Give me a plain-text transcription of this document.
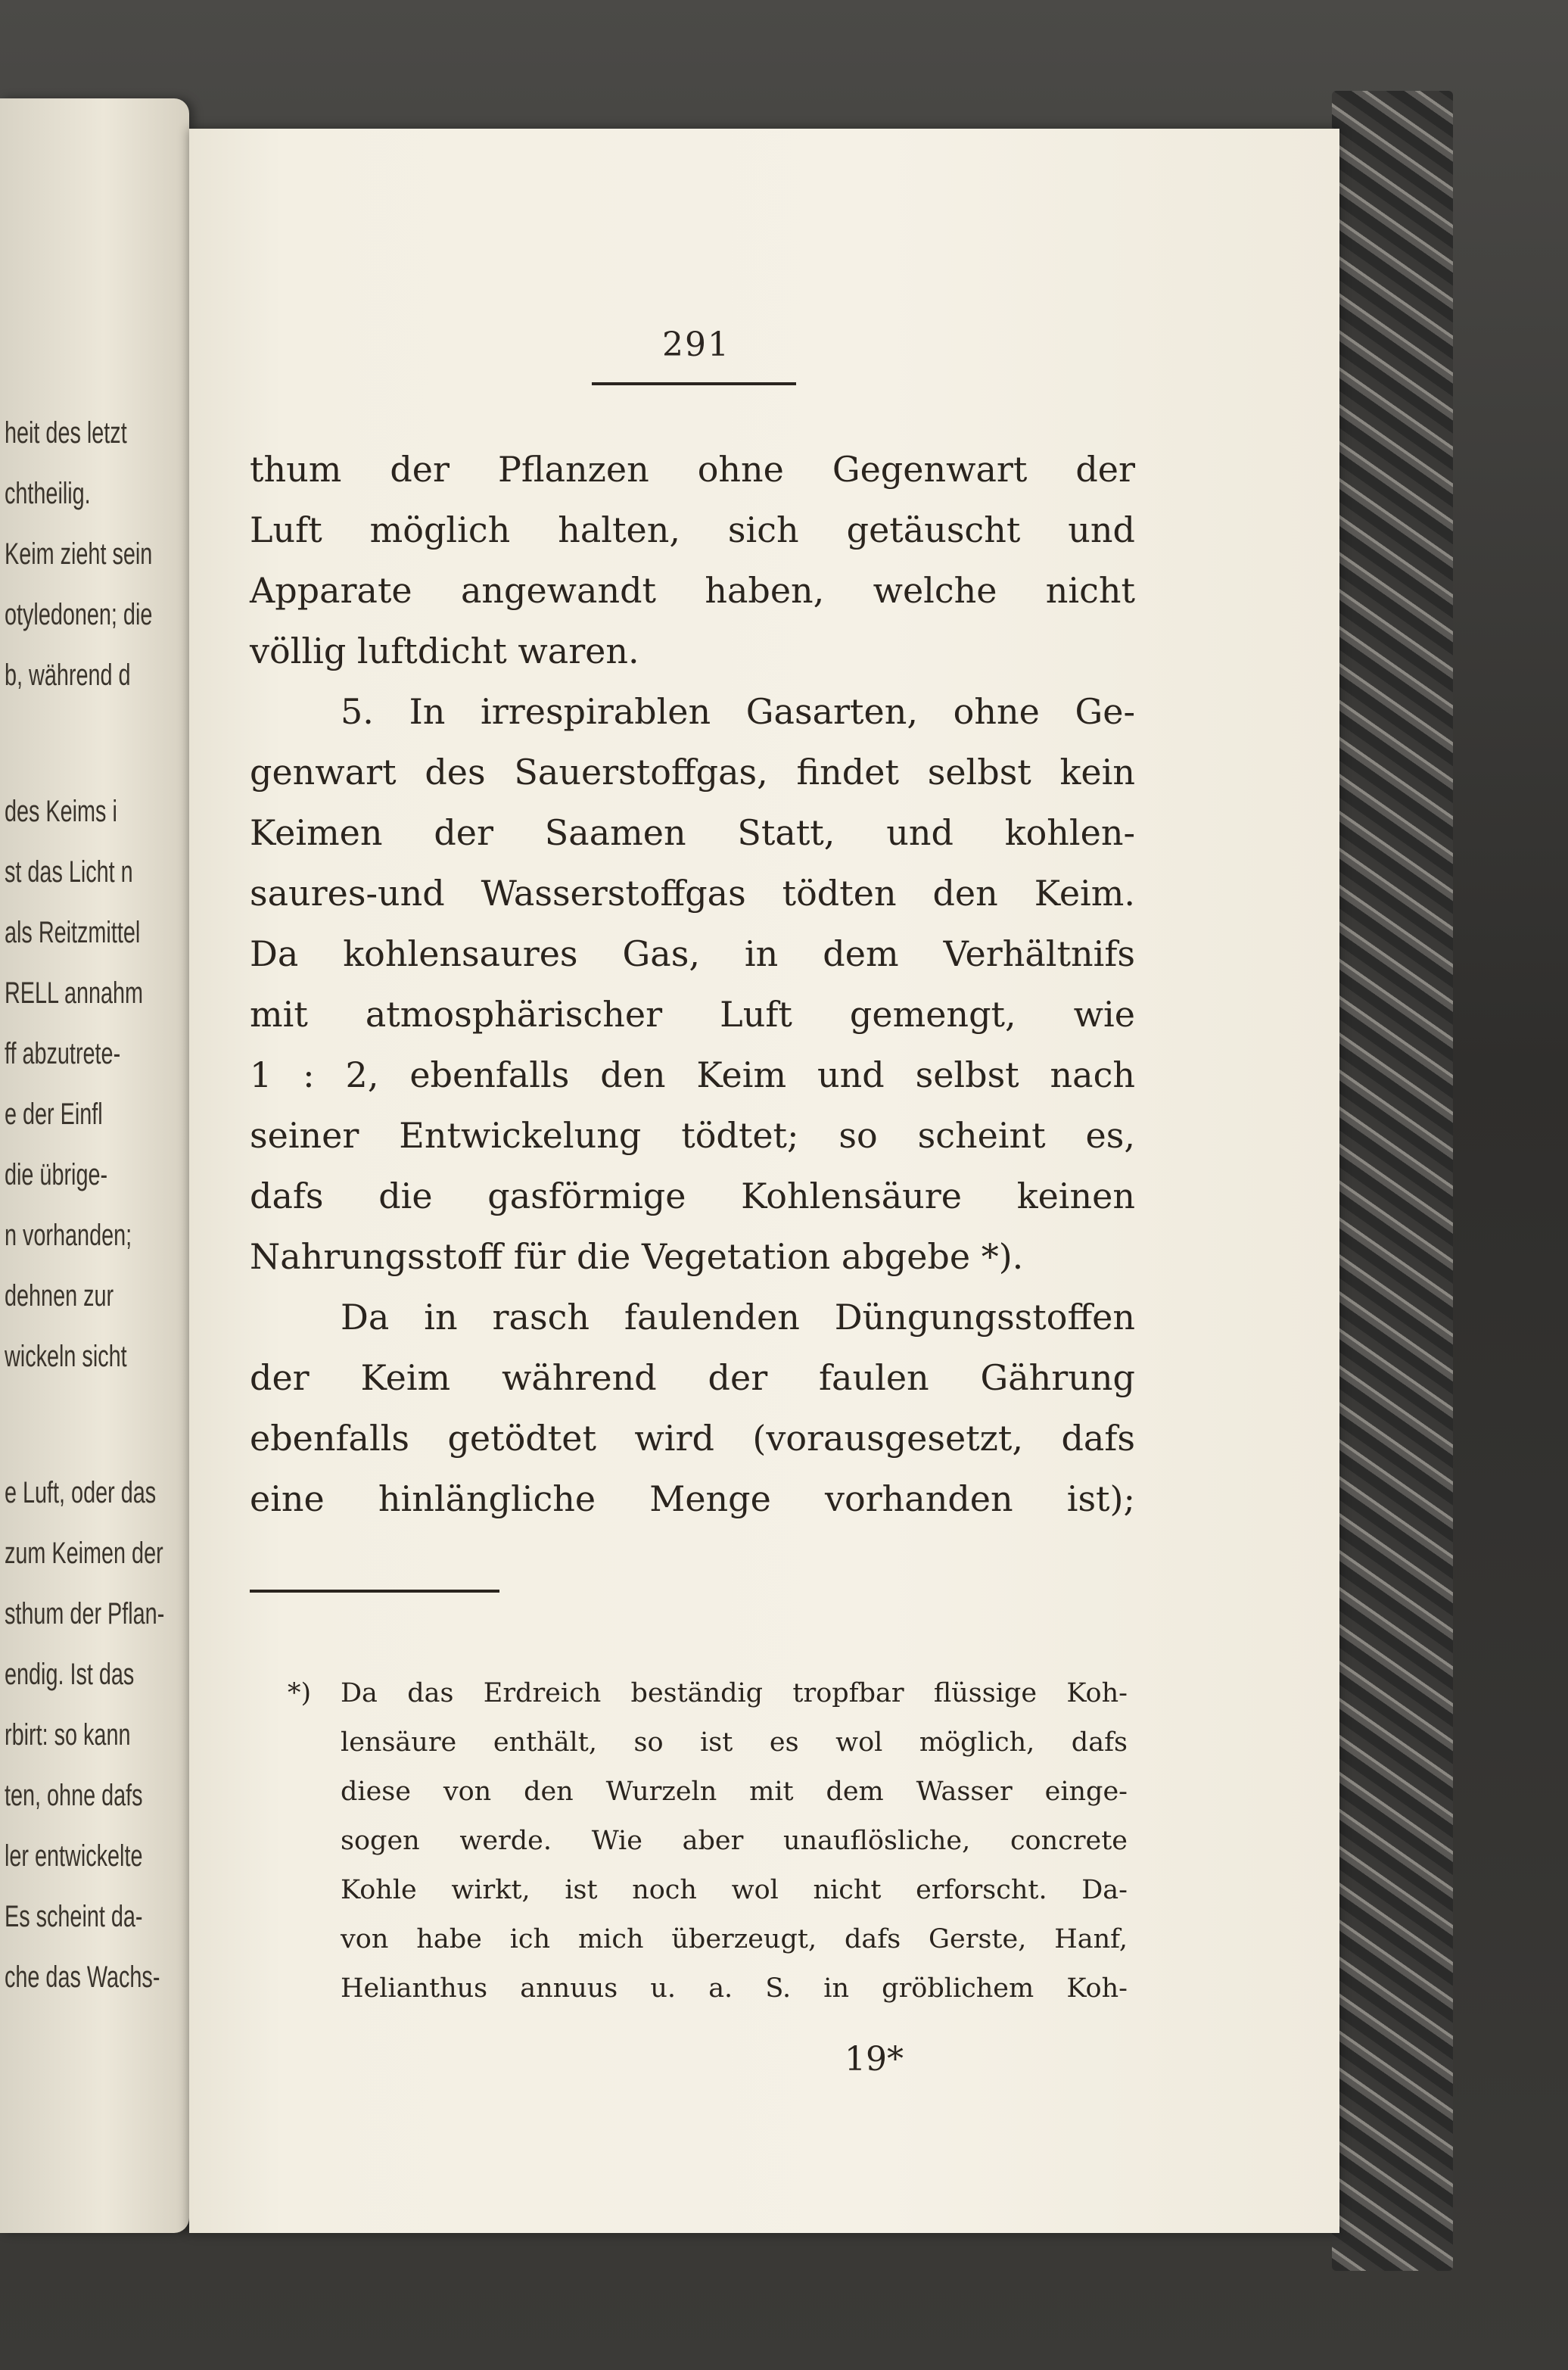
heit des letzt
chtheilig.
Keim zieht sein
otyledonen; die
b, während d
des Keims i
st das Licht n
als Reitzmittel
RELL annahm
ff abzutrete-
e der Einfl
die übrige-
n vorhanden;
dehnen zur
wickeln sicht
e Luft, oder das
zum Keimen der
sthum der Pflan-
endig. Ist das
rbirt: so kann
ten, ohne dafs
ler entwickelte
Es scheint da-
che das Wachs-
291
thum der Pflanzen ohne Gegenwart der
Luft möglich halten, sich getäuscht und
Apparate angewandt haben, welche nicht
völlig luftdicht waren.
5. In irrespirablen Gasarten, ohne Ge-
genwart des Sauerstoffgas, findet selbst kein
Keimen der Saamen Statt, und kohlen-
saures-und Wasserstoffgas tödten den Keim.
Da kohlensaures Gas, in dem Verhältnifs
mit atmosphärischer Luft gemengt, wie
1 : 2, ebenfalls den Keim und selbst nach
seiner Entwickelung tödtet; so scheint es,
dafs die gasförmige Kohlensäure keinen
Nahrungsstoff für die Vegetation abgebe *).
Da in rasch faulenden Düngungsstoffen
der Keim während der faulen Gährung
ebenfalls getödtet wird (vorausgesetzt, dafs
eine hinlängliche Menge vorhanden ist);
*) Da das Erdreich beständig tropfbar flüssige Koh-
lensäure enthält, so ist es wol möglich, dafs
diese von den Wurzeln mit dem Wasser einge-
sogen werde. Wie aber unauflösliche, concrete
Kohle wirkt, ist noch wol nicht erforscht. Da-
von habe ich mich überzeugt, dafs Gerste, Hanf,
Helianthus annuus u. a. S. in gröblichem Koh-
19*
